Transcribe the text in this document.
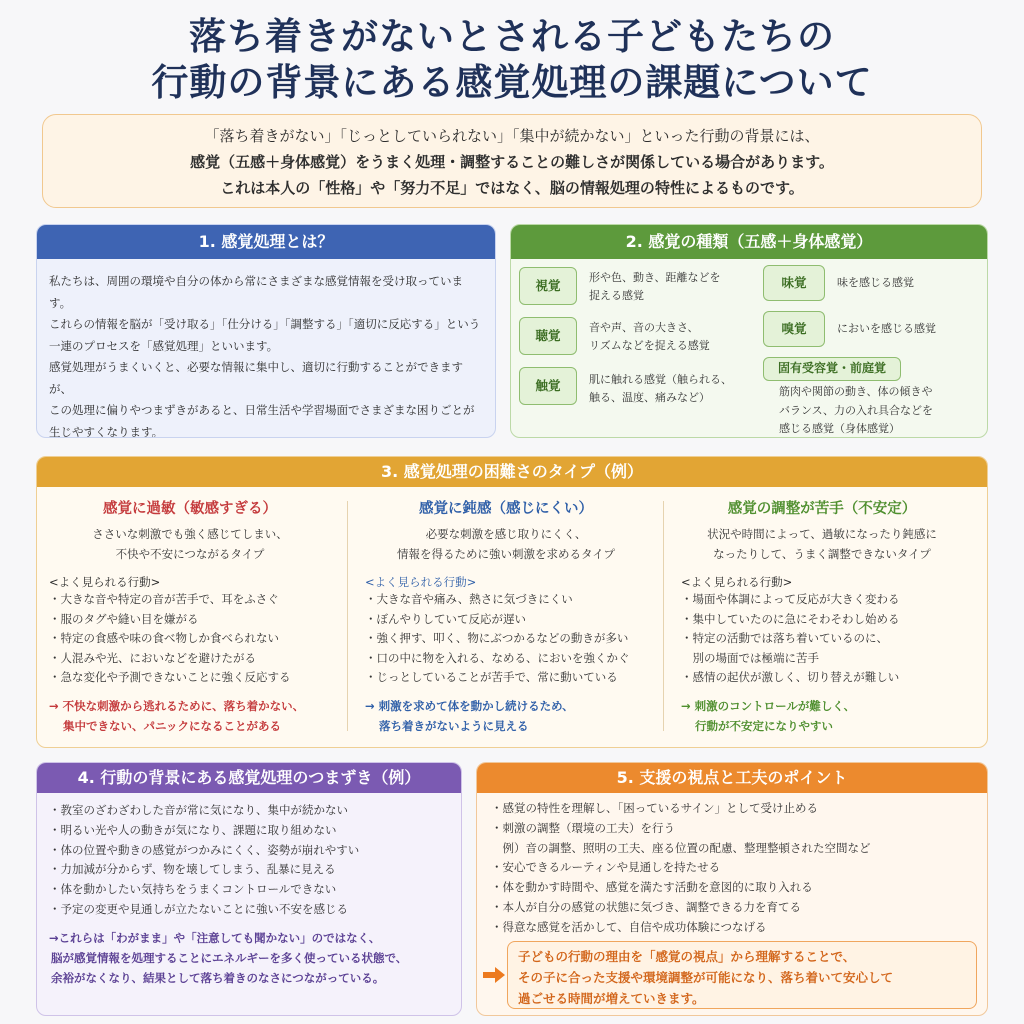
落ち着きがないとされる子どもたちの
行動の背景にある感覚処理の課題について
「落ち着きがない」「じっとしていられない」「集中が続かない」といった行動の背景には、
感覚（五感＋身体感覚）をうまく処理・調整することの難しさが関係している場合があります。
これは本人の「性格」や「努力不足」ではなく、脳の情報処理の特性によるものです。
1. 感覚処理とは？
私たちは、周囲の環境や自分の体から常にさまざまな感覚情報を受け取っています。
これらの情報を脳が「受け取る」「仕分ける」「調整する」「適切に反応する」という
一連のプロセスを「感覚処理」といいます。
感覚処理がうまくいくと、必要な情報に集中し、適切に行動することができますが、
この処理に偏りやつまずきがあると、日常生活や学習場面でさまざまな困りごとが
生じやすくなります。
2. 感覚の種類（五感＋身体感覚）
視覚
形や色、動き、距離などを
捉える感覚
聴覚
音や声、音の大きさ、
リズムなどを捉える感覚
触覚	肌に触れる感覚（触られる、
触る、温度、痛みなど）
味覚	味を感じる感覚
嗅覚	においを感じる感覚
固有受容覚・前庭覚
筋肉や関節の動き、体の傾きや
バランス、力の入れ具合などを
感じる感覚（身体感覚）
3. 感覚処理の困難さのタイプ（例）
感覚に過敏（敏感すぎる）
ささいな刺激でも強く感じてしまい、
不快や不安につながるタイプ
<よく見られる行動>
・大きな音や特定の音が苦手で、耳をふさぐ
・服のタグや縫い目を嫌がる
・特定の食感や味の食べ物しか食べられない
・人混みや光、においなどを避けたがる
・急な変化や予測できないことに強く反応する
→ 不快な刺激から逃れるために、落ち着かない、
集中できない、パニックになることがある
感覚に鈍感（感じにくい）
必要な刺激を感じ取りにくく、
情報を得るために強い刺激を求めるタイプ
<よく見られる行動>
・大きな音や痛み、熱さに気づきにくい
・ぼんやりしていて反応が遅い
・強く押す、叩く、物にぶつかるなどの動きが多い
・口の中に物を入れる、なめる、においを強くかぐ
・じっとしていることが苦手で、常に動いている
→ 刺激を求めて体を動かし続けるため、
落ち着きがないように見える
感覚の調整が苦手（不安定）
状況や時間によって、過敏になったり鈍感に
なったりして、うまく調整できないタイプ
<よく見られる行動>
・場面や体調によって反応が大きく変わる
・集中していたのに急にそわそわし始める
・特定の活動では落ち着いているのに、
　別の場面では極端に苦手
・感情の起伏が激しく、切り替えが難しい
→ 刺激のコントロールが難しく、
行動が不安定になりやすい
4. 行動の背景にある感覚処理のつまずき（例）
・教室のざわざわした音が常に気になり、集中が続かない
・明るい光や人の動きが気になり、課題に取り組めない
・体の位置や動きの感覚がつかみにくく、姿勢が崩れやすい
・力加減が分からず、物を壊してしまう、乱暴に見える
・体を動かしたい気持ちをうまくコントロールできない
・予定の変更や見通しが立たないことに強い不安を感じる
→これらは「わがまま」や「注意しても聞かない」のではなく、
脳が感覚情報を処理することにエネルギーを多く使っている状態で、
余裕がなくなり、結果として落ち着きのなさにつながっている。
5. 支援の視点と工夫のポイント
・感覚の特性を理解し、「困っているサイン」として受け止める
・刺激の調整（環境の工夫）を行う
　例）音の調整、照明の工夫、座る位置の配慮、整理整頓された空間など
・安心できるルーティンや見通しを持たせる
・体を動かす時間や、感覚を満たす活動を意図的に取り入れる
・本人が自分の感覚の状態に気づき、調整できる力を育てる
・得意な感覚を活かして、自信や成功体験につなげる
子どもの行動の理由を「感覚の視点」から理解することで、
その子に合った支援や環境調整が可能になり、落ち着いて安心して
過ごせる時間が増えていきます。
